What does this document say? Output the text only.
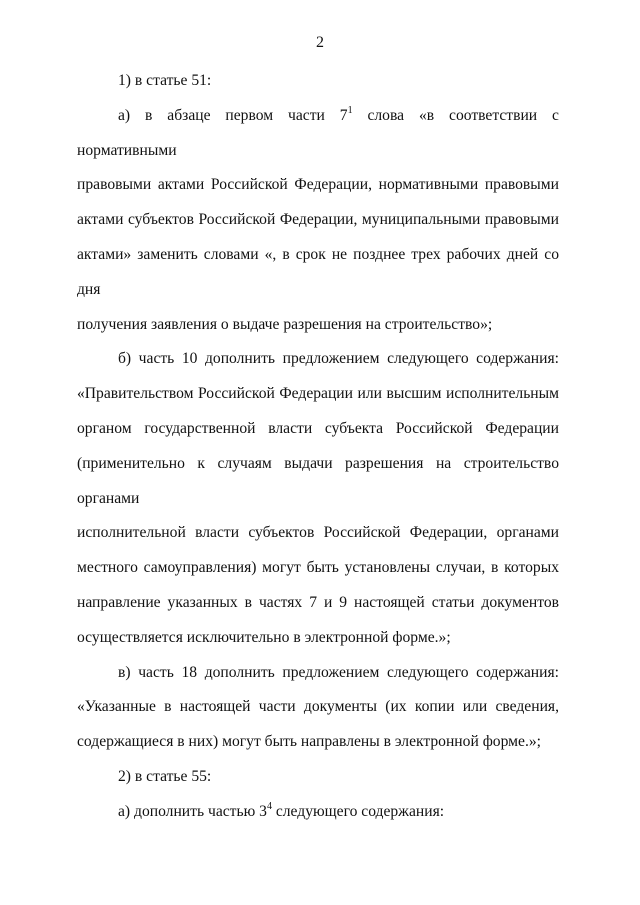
2

1) в статье 51:

а) в абзаце первом части $7^1$ слова «в соответствии с нормативными

правовыми актами Российской Федерации, нормативными правовыми

актами субъектов Российской Федерации, муниципальными правовыми

актами» заменить словами «, в срок не позднее трех рабочих дней со дня

получения заявления о выдаче разрешения на строительство»;

б) часть 10 дополнить предложением следующего содержания:

«Правительством Российской Федерации или высшим исполнительным

органом государственной власти субъекта Российской Федерации

(применительно к случаям выдачи разрешения на строительство органами

исполнительной власти субъектов Российской Федерации, органами

местного самоуправления) могут быть установлены случаи, в которых

направление указанных в частях 7 и 9 настоящей статьи документов

осуществляется исключительно в электронной форме.»;

в) часть 18 дополнить предложением следующего содержания:

«Указанные в настоящей части документы (их копии или сведения,

содержащиеся в них) могут быть направлены в электронной форме.»;

2) в статье 55:

а) дополнить частью $3^4$ следующего содержания:
